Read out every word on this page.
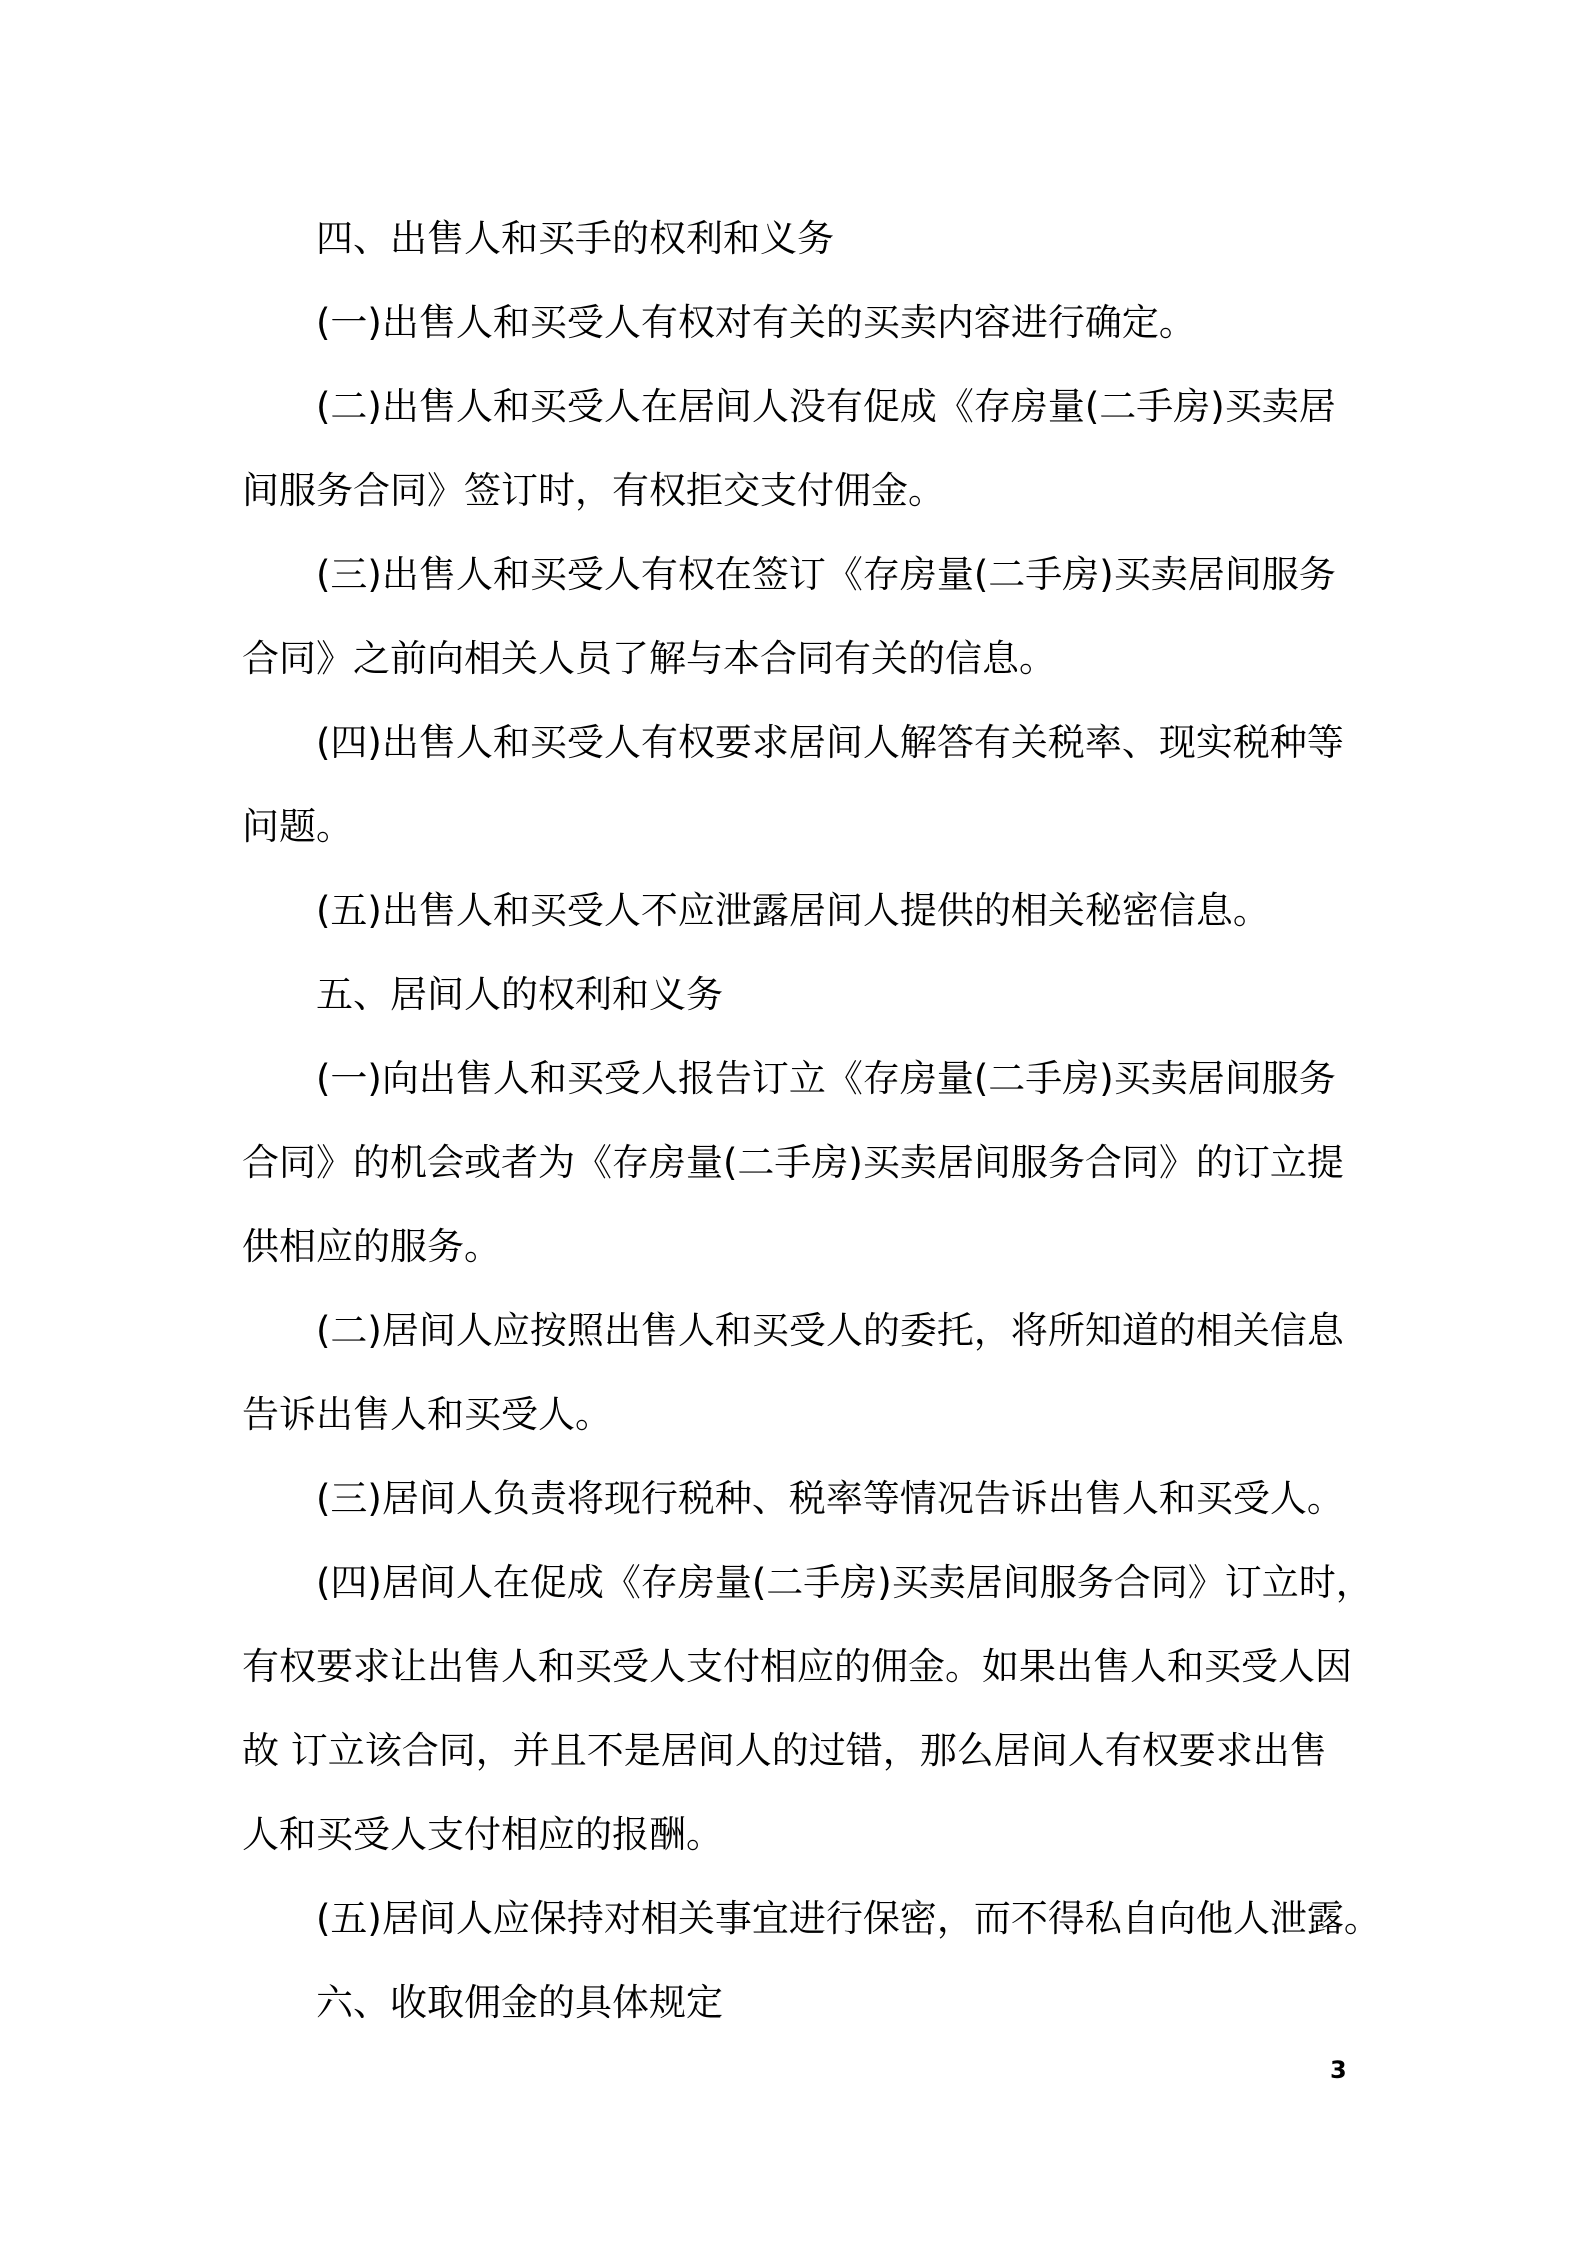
四、出售人和买手的权利和义务
(一)出售人和买受人有权对有关的买卖内容进行确定。
(二)出售人和买受人在居间人没有促成《存房量(二手房)买卖居
间服务合同》签订时，有权拒交支付佣金。
(三)出售人和买受人有权在签订《存房量(二手房)买卖居间服务
合同》之前向相关人员了解与本合同有关的信息。
(四)出售人和买受人有权要求居间人解答有关税率、现实税种等
问题。
(五)出售人和买受人不应泄露居间人提供的相关秘密信息。
五、居间人的权利和义务
(一)向出售人和买受人报告订立《存房量(二手房)买卖居间服务
合同》的机会或者为《存房量(二手房)买卖居间服务合同》的订立提
供相应的服务。
(二)居间人应按照出售人和买受人的委托，将所知道的相关信息
告诉出售人和买受人。
(三)居间人负责将现行税种、税率等情况告诉出售人和买受人。
(四)居间人在促成《存房量(二手房)买卖居间服务合同》订立时，
有权要求让出售人和买受人支付相应的佣金。如果出售人和买受人因
故 订立该合同，并且不是居间人的过错，那么居间人有权要求出售
人和买受人支付相应的报酬。
(五)居间人应保持对相关事宜进行保密，而不得私自向他人泄露。
六、收取佣金的具体规定
3
